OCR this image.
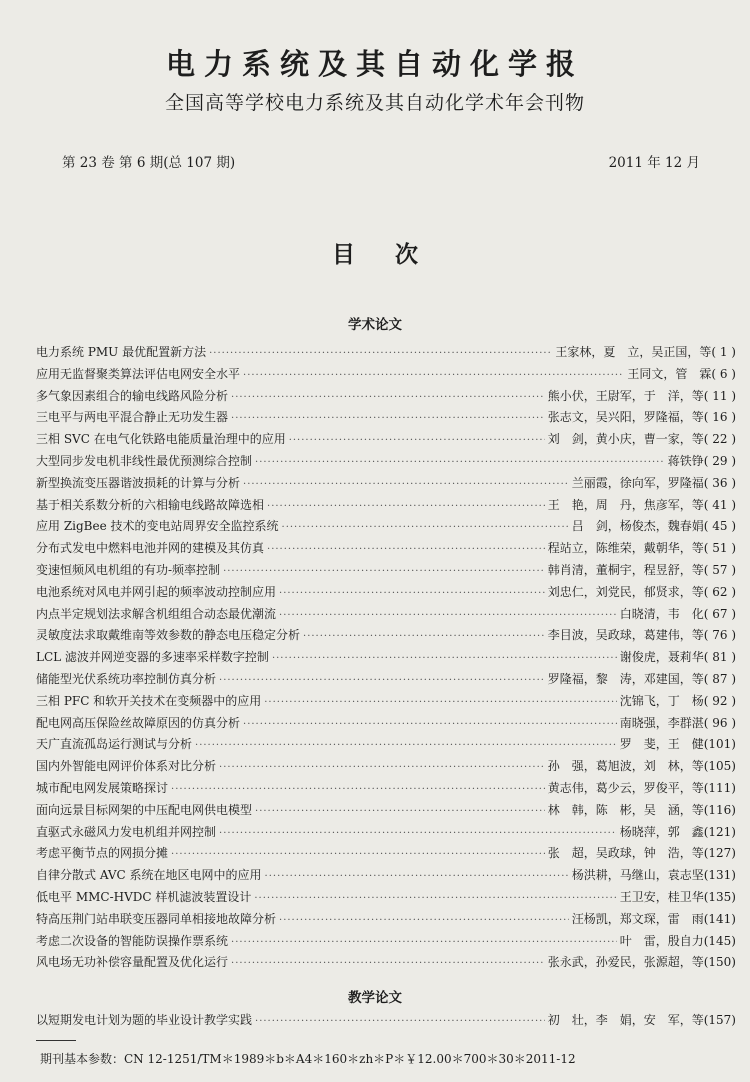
电力系统及其自动化学报
全国高等学校电力系统及其自动化学术年会刊物
第 23 卷 第 6 期(总 107 期)	2011 年 12 月
目次
学术论文
电力系统 PMU 最优配置新方法 ·····	王家林，夏　立，吴正国，等 ( 1 )
应用无监督聚类算法评估电网安全水平 ·····	王同文，管　霖 ( 6 )
多气象因素组合的输电线路风险分析 ·····	熊小伏，王尉军，于　洋，等 ( 11 )
三电平与两电平混合静止无功发生器 ·····	张志文，吴兴阳，罗隆福，等 ( 16 )
三相 SVC 在电气化铁路电能质量治理中的应用 ·····	刘　剑，黄小庆，曹一家，等 ( 22 )
大型同步发电机非线性最优预测综合控制 ·····	蒋铁铮 ( 29 )
新型换流变压器谐波损耗的计算与分析 ·····	兰丽霞，徐向军，罗隆福 ( 36 )
基于相关系数分析的六相输电线路故障选相 ·····	王　艳，周　丹，焦彦军，等 ( 41 )
应用 ZigBee 技术的变电站周界安全监控系统 ·····	吕　剑，杨俊杰，魏春娟 ( 45 )
分布式发电中燃料电池并网的建模及其仿真 ·····	程站立，陈维荣，戴朝华，等 ( 51 )
变速恒频风电机组的有功-频率控制 ·····	韩肖清，董桐宇，程昱舒，等 ( 57 )
电池系统对风电并网引起的频率波动控制应用 ·····	刘忠仁，刘党民，郁贤求，等 ( 62 )
内点半定规划法求解含机组组合动态最优潮流 ·····	白晓清，韦　化 ( 67 )
灵敏度法求取戴维南等效参数的静态电压稳定分析 ·····	李目波，吴政球，葛建伟，等 ( 76 )
LCL 滤波并网逆变器的多速率采样数字控制 ·····	谢俊虎，聂莉华 ( 81 )
储能型光伏系统功率控制仿真分析 ·····	罗隆福，黎　涛，邓建国，等 ( 87 )
三相 PFC 和软开关技术在变频器中的应用 ·····	沈锦飞，丁　杨 ( 92 )
配电网高压保险丝故障原因的仿真分析 ·····	南晓强，李群湛 ( 96 )
天广直流孤岛运行测试与分析 ·····	罗　斐，王　健 (101)
国内外智能电网评价体系对比分析 ·····	孙　强，葛旭波，刘　林，等 (105)
城市配电网发展策略探讨 ·····	黄志伟，葛少云，罗俊平，等 (111)
面向远景目标网架的中压配电网供电模型 ·····	林　韩，陈　彬，吴　涵，等 (116)
直驱式永磁风力发电机组并网控制 ·····	杨晓萍，郭　鑫 (121)
考虑平衡节点的网损分摊 ·····	张　超，吴政球，钟　浩，等 (127)
自律分散式 AVC 系统在地区电网中的应用 ·····	杨洪耕，马继山，袁志坚 (131)
低电平 MMC-HVDC 样机滤波装置设计 ·····	王卫安，桂卫华 (135)
特高压荆门站串联变压器同单相接地故障分析 ·····	汪杨凯，郑文琛，雷　雨 (141)
考虑二次设备的智能防误操作票系统 ·····	叶　雷，殷自力 (145)
风电场无功补偿容量配置及优化运行 ·····	张永武，孙爱民，张源超，等 (150)
教学论文
以短期发电计划为题的毕业设计教学实践 ·····	初　壮，李　娟，安　军，等 (157)
期刊基本参数：CN 12-1251/TM＊1989＊b＊A4＊160＊zh＊P＊￥12.00＊700＊30＊2011-12
